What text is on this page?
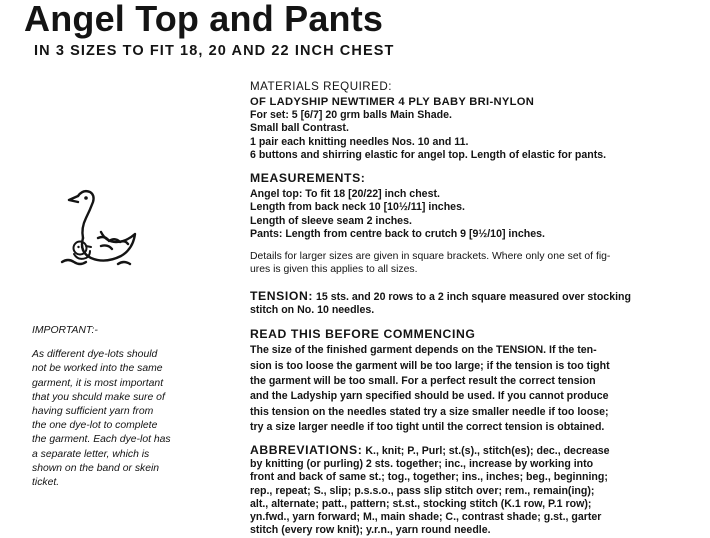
Angel Top and Pants
IN 3 SIZES TO FIT 18, 20 AND 22 INCH CHEST

MATERIALS REQUIRED:

OF LADYSHIP NEWTIMER 4 PLY BABY BRI-NYLON

For set: 5 [6/7] 20 grm balls Main Shade.

Small ball Contrast.

1 pair each knitting needles Nos. 10 and 11.

6 buttons and shirring elastic for angel top. Length of elastic for pants.

MEASUREMENTS:

Angel top: To fit 18 [20/22] inch chest.

Length from back neck 10 [10½/11] inches.

Length of sleeve seam 2 inches.

Pants: Length from centre back to crutch 9 [9½/10] inches.

Details for larger sizes are given in square brackets. Where only one set of fig-

ures is given this applies to all sizes.

TENSION: 15 sts. and 20 rows to a 2 inch square measured over stocking

stitch on No. 10 needles.

READ THIS BEFORE COMMENCING

The size of the finished garment depends on the TENSION. If the ten-

sion is too loose the garment will be too large; if the tension is too tight

the garment will be too small. For a perfect result the correct tension

and the Ladyship yarn specified should be used. If you cannot produce

this tension on the needles stated try a size smaller needle if too loose;

try a size larger needle if too tight until the correct tension is obtained.

ABBREVIATIONS: K., knit; P., Purl; st.(s)., stitch(es); dec., decrease

by knitting (or purling) 2 sts. together; inc., increase by working into

front and back of same st.; tog., together; ins., inches; beg., beginning;

rep., repeat; S., slip; p.s.s.o., pass slip stitch over; rem., remain(ing);

alt., alternate; patt., pattern; st.st., stocking stitch (K.1 row, P.1 row);

yn.fwd., yarn forward; M., main shade; C., contrast shade; g.st., garter

stitch (every row knit); y.r.n., yarn round needle.

IMPORTANT:-
As different dye-lots should
not be worked into the same
garment, it is most important
that you shculd make sure of
having sufficient yarn from
the one dye-lot to complete
the garment. Each dye-lot has
a separate letter, which is
shown on the band or skein
ticket.
